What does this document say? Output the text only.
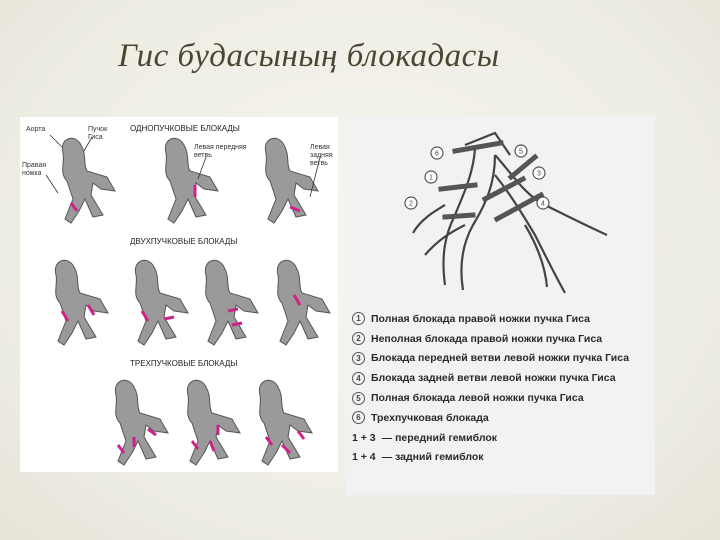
Гис будасының блокадасы
Аорта	Пучок Гиса
Правая ножка
ОДНОПУЧКОВЫЕ БЛОКАДЫ
Левая передняя ветвь
Левая задняя ветвь
ДВУХПУЧКОВЫЕ БЛОКАДЫ
ТРЕХПУЧКОВЫЕ БЛОКАДЫ
6	5
1
3
2	4
1 Полная блокада правой ножки пучка Гиса
2 Неполная блокада правой ножки пучка Гиса
3 Блокада передней ветви левой ножки пучка Гиса
4 Блокада задней ветви левой ножки пучка Гиса
5 Полная блокада левой ножки пучка Гиса
6 Трехпучковая блокада
1 + 3 — передний гемиблок
1 + 4 — задний гемиблок
